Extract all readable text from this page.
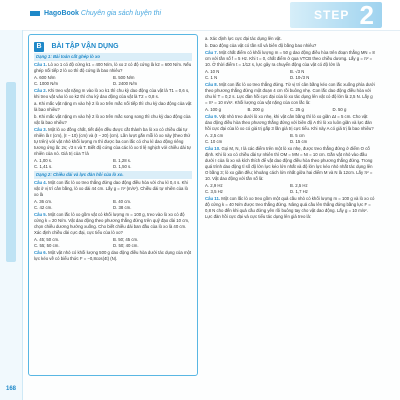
HagoBook Chuyên gia sách luyện thi	STEP 2
B BÀI TẬP VẬN DỤNG
Dạng 1: Bài toán cắt ghép lò xo
Câu 1. Lò xo 1 có độ cứng k1 = 400 N/m, lò xo 2 có độ cứng là k2 = 600 N/m. Nếu ghép nối tiếp 2 lò xo thì độ cứng là bao nhiêu?
A. 600 N/m	B. 500 N/m
C. 1000 N/m	D. 2400 N/m
Câu 2. Khi treo vật nặng m vào lò xo k1 thì chu kỳ dao động của vật là T1 = 0,6 s, khi treo vật vào lò xo k2 thì chu kỳ dao động của vật là T2 = 0,8 s.
a. Khi mắc vật nặng m vào hệ 2 lò xo trên mắc nối tiếp thì chu kỳ dao động của vật là bao nhiêu?
b. Khi mắc vật nặng m vào hệ 2 lò xo trên mắc song song thì chu kỳ dao động của vật là bao nhiêu?
Câu 3. Một lò xo đồng chất, tiết diện đều được cắt thành ba lò xo có chiều dài tự nhiên là ℓ (cm), (ℓ − 10) (cm) và (ℓ − 20) (cm). Lần lượt gắn mỗi lò xo này (theo thứ tự trên) với vật nhỏ khối lượng m thì được ba con lắc có chu kì dao động riêng tương ứng là: 2s; √3 s và T. Biết độ cứng của các lò xo tỉ lệ nghịch với chiều dài tự nhiên của nó. Giá trị của T là
A. 1,00 s.	B. 1,28 s.
C. 1,41 s.	D. 1,50 s.
Dạng 2: Chiều dài và lực đàn hồi của lò xo.
Câu 4. Một con lắc lò xo treo thẳng đứng dao động điều hòa với chu kì 0,4 s. Khi vật ở vị trí cân bằng, lò xo dài 44 cm. Lấy g = π² (m/s²). Chiều dài tự nhiên của lò xo là
A. 36 cm.	B. 40 cm.
C. 42 cm.	D. 38 cm.
Câu 5. Một con lắc lò xo gồm vật có khối lượng m = 100 g, treo vào lò xo có độ cứng k = 20 N/m. Vật dao động theo phương thẳng đứng trên quỹ đạo dài 10 cm, chọn chiều dương hướng xuống. Cho biết chiều dài ban đầu của lò xo là 40 cm. Xác định chiều dài cực đại, cực tiểu của lò xo?
A. 45; 50 cm.	B. 50; 45 cm.
C. 55; 50 cm.	D. 50; 40 cm.
Câu 6. Một vật nhỏ có khối lượng 500 g dao động điều hòa dưới tác dụng của một lực kéo về có biểu thức F = −0,8cos(4t) (N).
a. Xác định lực cực đại tác dụng lên vật.
b. Dao động của vật có tần số và biên độ bằng bao nhiêu?
Câu 7. Một chất điểm có khối lượng m = 50 g dao động điều hòa trên đoạn thẳng MN = 8 cm với tần số f = 5 Hz. Khi t = 0, chất điểm ở qua VTCB theo chiều dương. Lấy g = π² = 10. Ở thời điểm t = 1/12 s, lực gây ra chuyển động của vật có độ lớn là
A. 10 N	B. √3 N
C. 1 N	D. 10√3 N
Câu 8. Một con lắc lò xo treo thẳng đứng. Từ vị trí cân bằng kéo con lắc xuống phía dưới theo phương thẳng đứng một đoạn 4 cm rồi buông nhẹ. Con lắc dao động điều hòa với chu kì T = 0,2 s. Lực đàn hồi cực đại của lò xo tác dụng lên vật có độ lớn là 2,5 N. Lấy g = π² = 10 m/s². Khối lượng của vật nặng của con lắc là:
A. 100 g	B. 200 g	C. 25 g	D. 50 g
Câu 9. Vật nhỏ treo dưới lò xo nhẹ, khi vật cân bằng thì lò xo giãn Δℓ = 5 cm. Cho vật dao động điều hòa theo phương thẳng đứng với biên độ A thì lò xo luôn giãn và lực đàn hồi cực đại của lò xo có giá trị gấp 3 lần giá trị cực tiểu. Khi này A có giá trị là bao nhiêu?
A. 2,5 cm	B. 5 cm
C. 10 cm	D. 15 cm
Câu 10. Gọi M, N, I là các điểm trên một lò xo nhẹ, được treo thẳng đứng ở điểm O cố định. Khi lò xo có chiều dài tự nhiên thì OM = MN = NI = 10 cm. Gắn vật nhỏ vào đầu dưới I của lò xo và kích thích để vật dao động điều hòa theo phương thẳng đứng. Trong quá trình dao động tỉ số độ lớn lực kéo lớn nhất và độ lớn lực kéo nhỏ nhất tác dụng lên O bằng 3; lò xo giãn đều; khoảng cách lớn nhất giữa hai điểm M và N là 12cm. Lấy π² = 10. Vật dao động với tần số là:
A. 2,9 Hz	B. 2,5 Hz
C. 3,5 Hz	D. 1,7 Hz
Câu 11. Một con lắc lò xo treo gồm một quả cầu nhỏ có khối lượng m = 100 g và lò xo có độ cứng k = 40 N/m được treo thẳng đứng. Nâng quả cầu lên thẳng đứng bằng lực F = 0,8 N cho đến khi quả cầu đứng yên rồi buông tay cho vật dao động. Lấy g = 10 m/s². Lực đàn hồi cực đại và cực tiểu tác dụng lên giá treo là:
168
